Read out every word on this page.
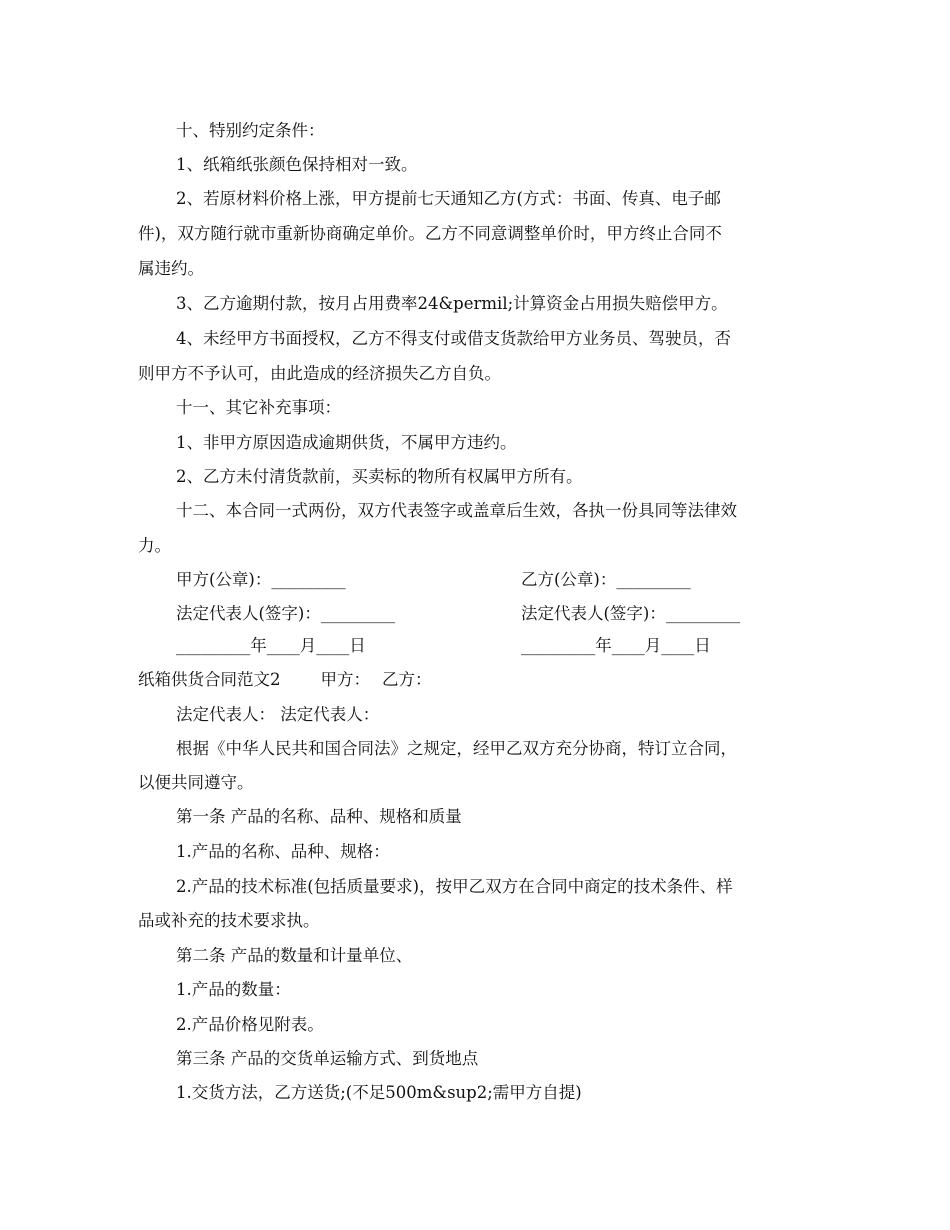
十、特别约定条件：
1、纸箱纸张颜色保持相对一致。
2、若原材料价格上涨，甲方提前七天通知乙方(方式：书面、传真、电子邮
件)，双方随行就市重新协商确定单价。乙方不同意调整单价时，甲方终止合同不
属违约。
3、乙方逾期付款，按月占用费率24&permil;计算资金占用损失赔偿甲方。
4、未经甲方书面授权，乙方不得支付或借支货款给甲方业务员、驾驶员，否
则甲方不予认可，由此造成的经济损失乙方自负。
十一、其它补充事项：
1、非甲方原因造成逾期供货，不属甲方违约。
2、乙方未付清货款前，买卖标的物所有权属甲方所有。
十二、本合同一式两份，双方代表签字或盖章后生效，各执一份具同等法律效
力。
甲方(公章)：_________	乙方(公章)：_________
法定代表人(签字)：_________	法定代表人(签字)：_________
_________年____月____日	_________年____月____日
纸箱供货合同范文2 甲方： 乙方：
法定代表人： 法定代表人：
根据《中华人民共和国合同法》之规定，经甲乙双方充分协商，特订立合同，
以便共同遵守。
第一条 产品的名称、品种、规格和质量
1.产品的名称、品种、规格：
2.产品的技术标准(包括质量要求)，按甲乙双方在合同中商定的技术条件、样
品或补充的技术要求执。
第二条 产品的数量和计量单位、
1.产品的数量：
2.产品价格见附表。
第三条 产品的交货单运输方式、到货地点
1.交货方法，乙方送货;(不足500m&sup2;需甲方自提)
